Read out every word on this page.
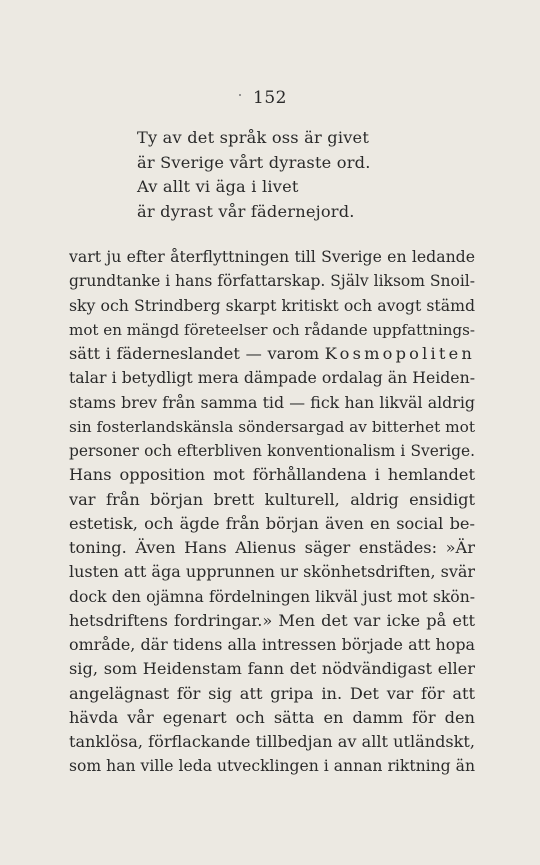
152
Ty av det språk oss är givet
är Sverige vårt dyraste ord.
Av allt vi äga i livet
är dyrast vår fädernejord.
vart ju efter återflyttningen till Sverige en ledande
grundtanke i hans författarskap. Själv liksom Snoil-
sky och Strindberg skarpt kritiskt och avogt stämd
mot en mängd företeelser och rådande uppfattnings-
sätt i fäderneslandet — varom Kosmopoliten
talar i betydligt mera dämpade ordalag än Heiden-
stams brev från samma tid — fick han likväl aldrig
sin fosterlandskänsla söndersargad av bitterhet mot
personer och efterbliven konventionalism i Sverige.
Hans opposition mot förhållandena i hemlandet
var från början brett kulturell, aldrig ensidigt
estetisk, och ägde från början även en social be-
toning. Även Hans Alienus säger enstädes: »Är
lusten att äga upprunnen ur skönhetsdriften, svär
dock den ojämna fördelningen likväl just mot skön-
hetsdriftens fordringar.» Men det var icke på ett
område, där tidens alla intressen började att hopa
sig, som Heidenstam fann det nödvändigast eller
angelägnast för sig att gripa in. Det var för att
hävda vår egenart och sätta en damm för den
tanklösa, förflackande tillbedjan av allt utländskt,
som han ville leda utvecklingen i annan riktning än
